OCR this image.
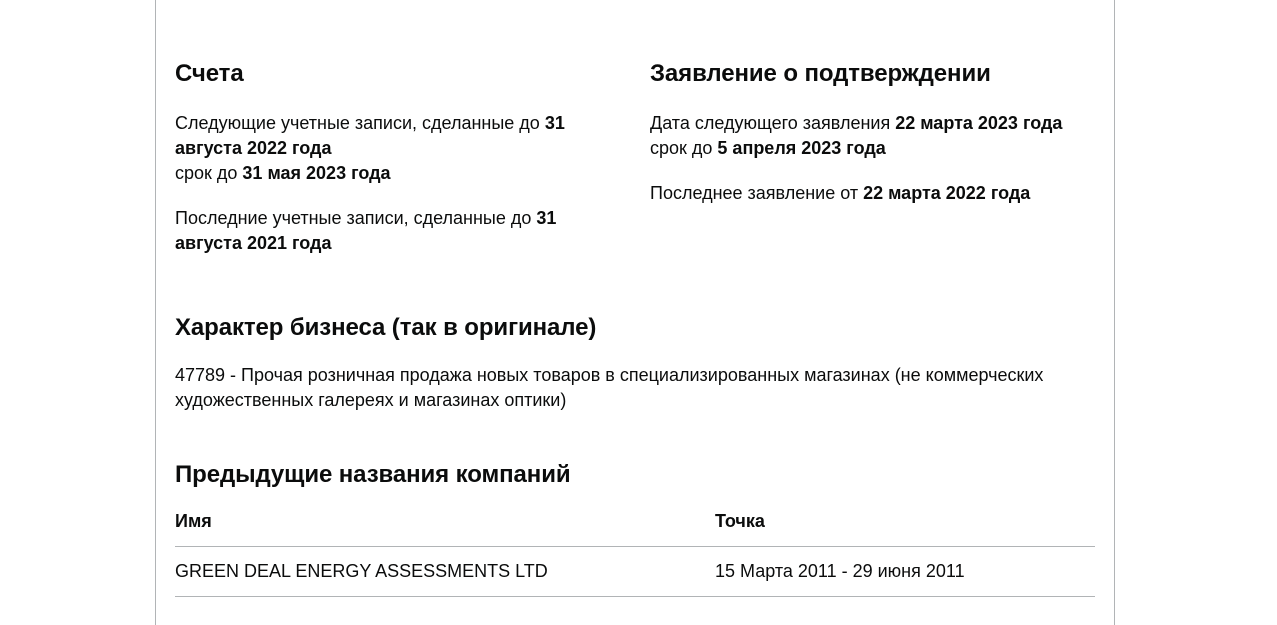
Счета

Следующие учетные записи, сделанные до 31 августа 2022 года
срок до 31 мая 2023 года

Последние учетные записи, сделанные до 31 августа 2021 года

Заявление о подтверждении

Дата следующего заявления 22 марта 2023 года
срок до 5 апреля 2023 года

Последнее заявление от 22 марта 2022 года

Характер бизнеса (так в оригинале)

47789 - Прочая розничная продажа новых товаров в специализированных магазинах (не коммерческих художественных галереях и магазинах оптики)

Предыдущие названия компаний
Имя	Точка
GREEN DEAL ENERGY ASSESSMENTS LTD	15 Марта 2011 - 29 июня 2011
